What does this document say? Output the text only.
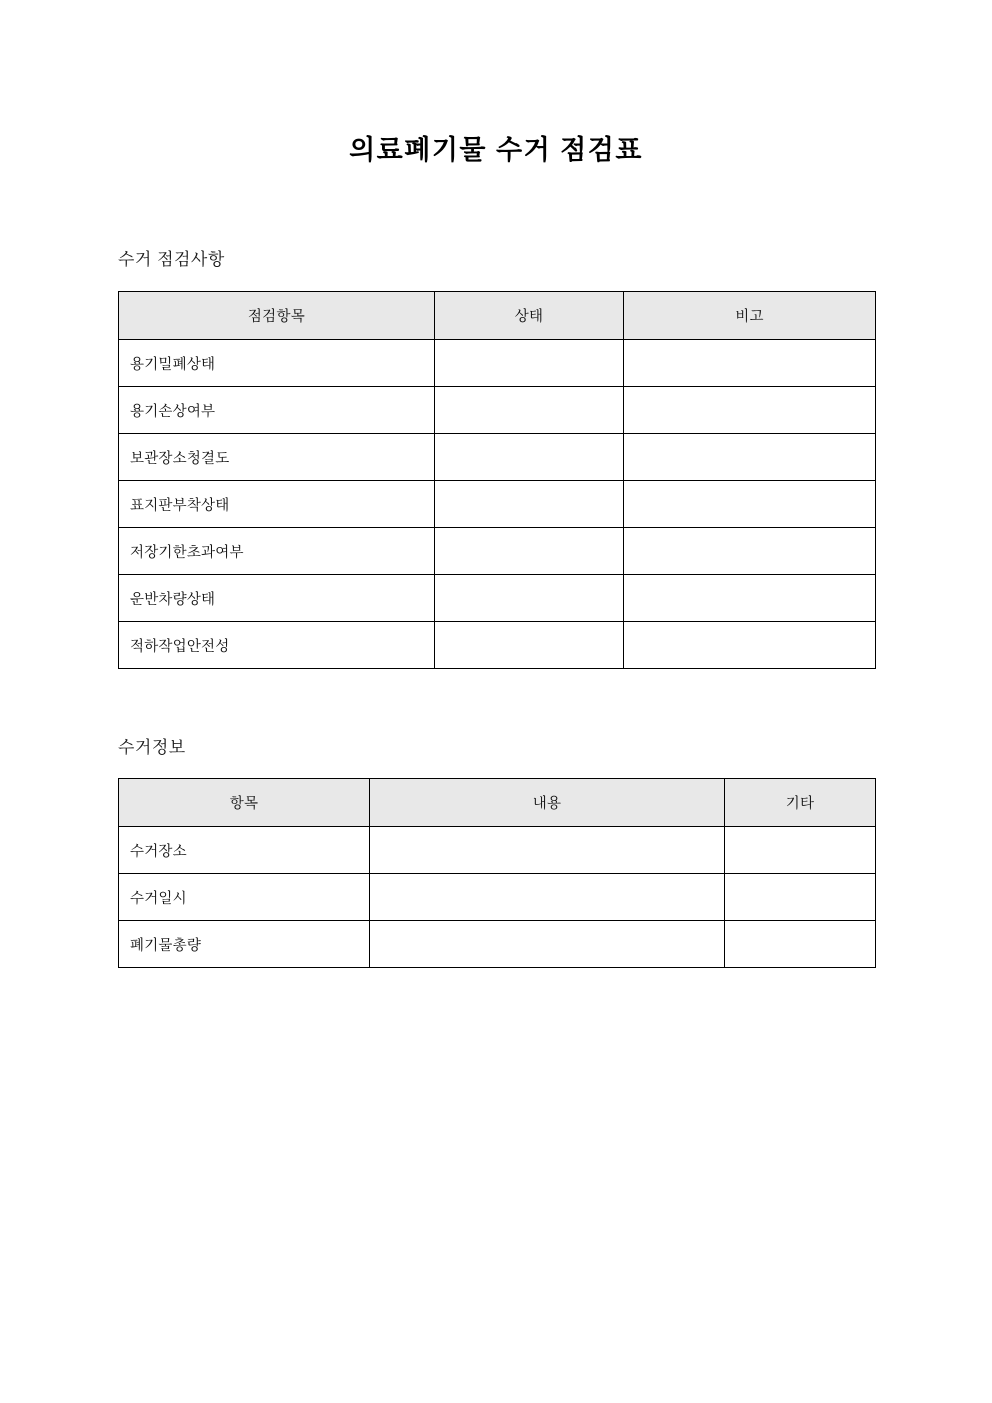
의료폐기물 수거 점검표
수거 점검사항
점검항목	상태	비고
용기밀폐상태		
용기손상여부		
보관장소청결도		
표지판부착상태		
저장기한초과여부		
운반차량상태		
적하작업안전성		
수거정보
항목	내용	기타
수거장소		
수거일시		
폐기물총량		
